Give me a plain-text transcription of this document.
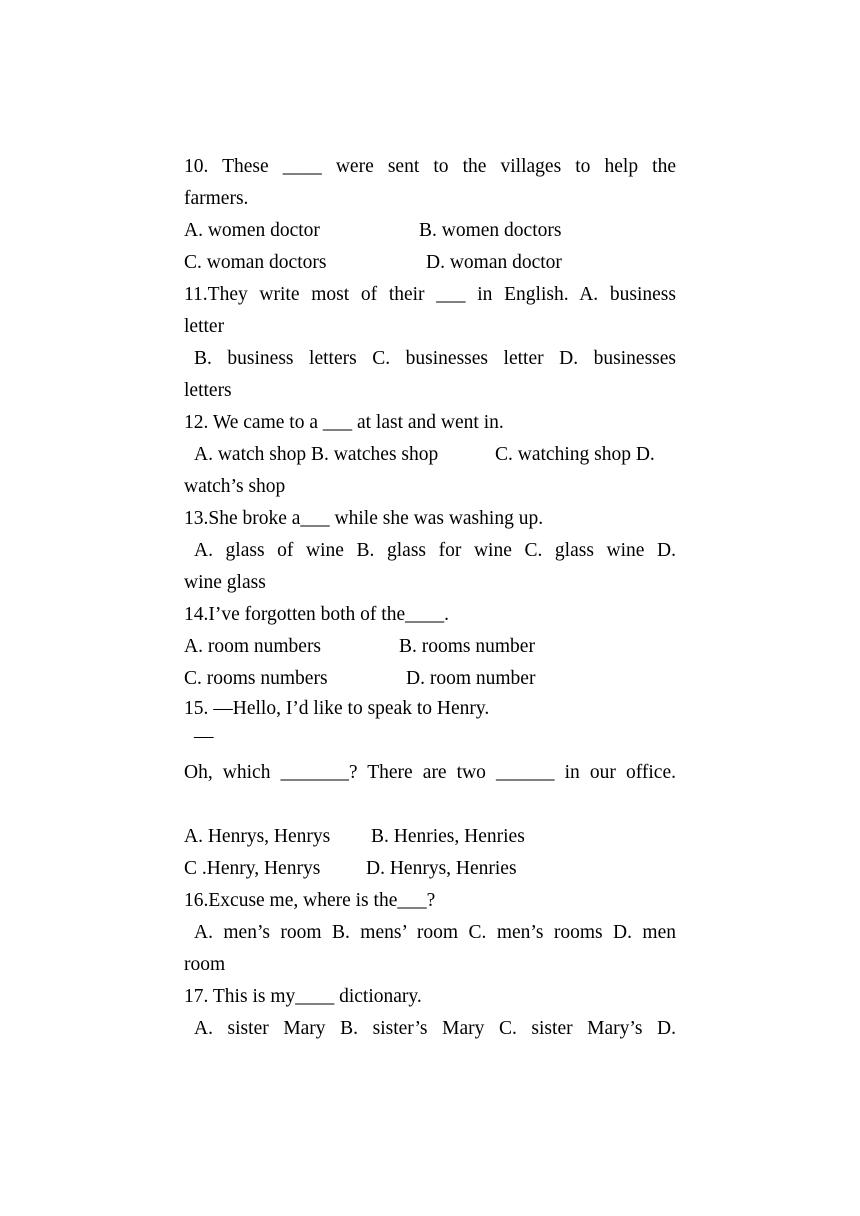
10. These ____ were sent to the villages to help the
farmers.
A. women doctor	B. women doctors
C. woman doctors	D. woman doctor
11.They write most of their ___ in English. A. business
letter
B. business letters C. businesses letter D. businesses
letters
12. We came to a ___ at last and went in.
A. watch shop B. watches shop	C. watching shop D.
watch’s shop
13.She broke a___ while she was washing up.
A. glass of wine B. glass for wine C. glass wine D.
wine glass
14.I’ve forgotten both of the____.
A. room numbers	B. rooms number
C. rooms numbers	D. room number
15. —Hello, I’d like to speak to Henry.
—
Oh, which _______? There are two ______ in our office.
A. Henrys, Henrys B. Henries, Henries
C .Henry, Henrys D. Henrys, Henries
16.Excuse me, where is the___?
A. men’s room B. mens’ room C. men’s rooms D. men
room
17. This is my____ dictionary.
A. sister Mary B. sister’s Mary C. sister Mary’s D.
